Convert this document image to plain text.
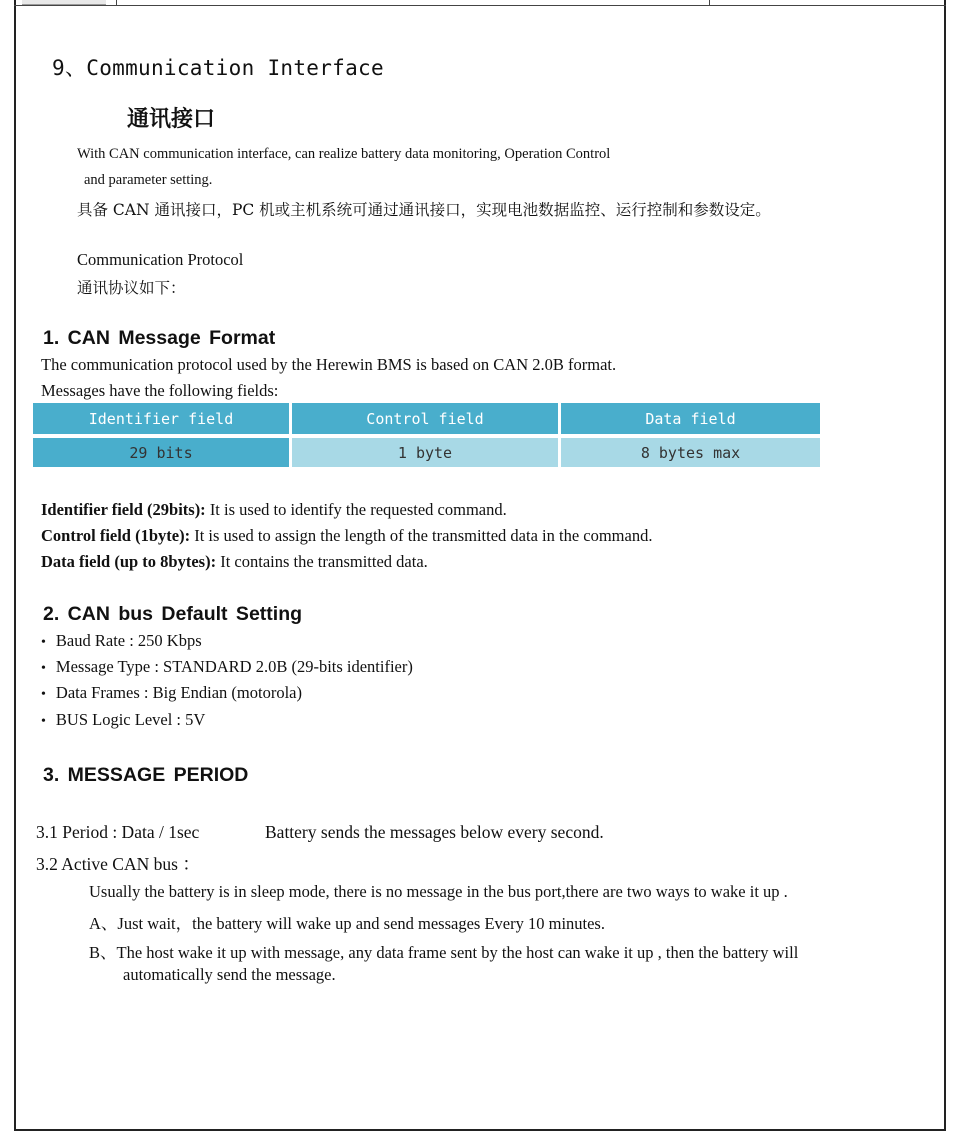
9、Communication Interface
通讯接口
With CAN communication interface, can realize battery data monitoring, Operation Control
and parameter setting.
具备 CAN 通讯接口，PC 机或主机系统可通过通讯接口，实现电池数据监控、运行控制和参数设定。
Communication Protocol
通讯协议如下：
1. CAN Message Format
The communication protocol used by the Herewin BMS is based on CAN 2.0B format.
Messages have the following fields:
Identifier field	Control field	Data field

29 bits	1 byte	8 bytes max
Identifier field (29bits): It is used to identify the requested command.
Control field (1byte): It is used to assign the length of the transmitted data in the command.
Data field (up to 8bytes): It contains the transmitted data.
2. CAN bus Default Setting
• Baud Rate : 250 Kbps
• Message Type : STANDARD 2.0B (29-bits identifier)
• Data Frames : Big Endian (motorola)
• BUS Logic Level : 5V
3. MESSAGE PERIOD
3.1 Period : Data / 1sec	Battery sends the messages below every second.
3.2 Active CAN bus ：
Usually the battery is in sleep mode, there is no message in the bus port,there are two ways to wake it up .
A、Just wait，the battery will wake up and send messages Every 10 minutes.
B、The host wake it up with message, any data frame sent by the host can wake it up , then the battery will
automatically send the message.
